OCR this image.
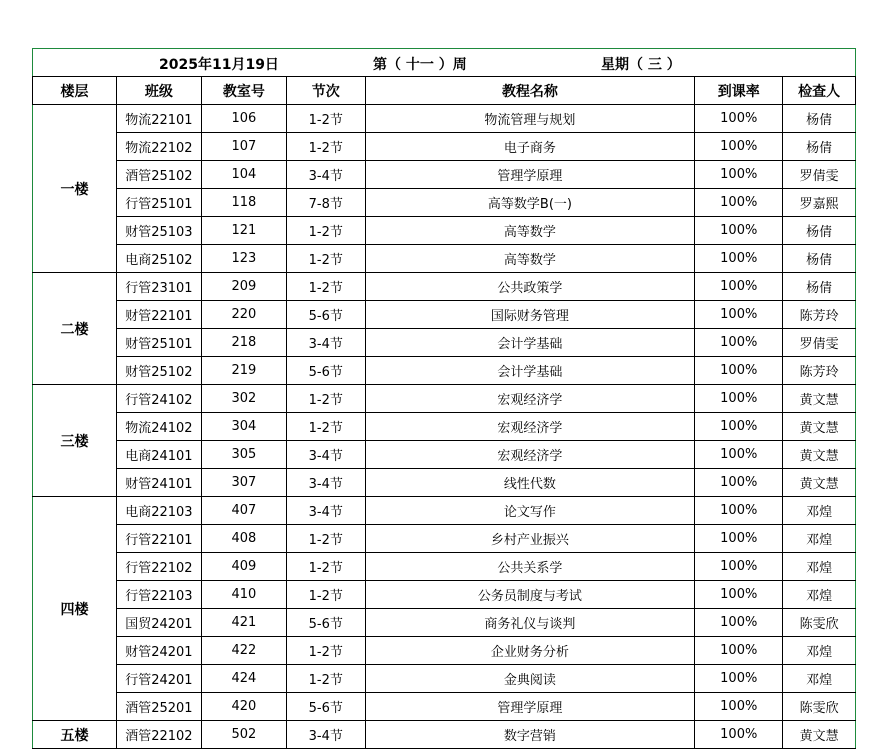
2025年11月19日 第（ 十一 ）周 星期（ 三 ）						

楼层	班级	教室号	节次	教程名称	到课率	检查人
一楼	物流22101	106	1-2节	物流管理与规划	100%	杨倩
	物流22102	107	1-2节	电子商务	100%	杨倩
	酒管25102	104	3-4节	管理学原理	100%	罗倩雯
	行管25101	118	7-8节	高等数学B(一)	100%	罗嘉熙
	财管25103	121	1-2节	高等数学	100%	杨倩
	电商25102	123	1-2节	高等数学	100%	杨倩
二楼	行管23101	209	1-2节	公共政策学	100%	杨倩
	财管22101	220	5-6节	国际财务管理	100%	陈芳玲
	财管25101	218	3-4节	会计学基础	100%	罗倩雯
	财管25102	219	5-6节	会计学基础	100%	陈芳玲
三楼	行管24102	302	1-2节	宏观经济学	100%	黄文慧
	物流24102	304	1-2节	宏观经济学	100%	黄文慧
	电商24101	305	3-4节	宏观经济学	100%	黄文慧
	财管24101	307	3-4节	线性代数	100%	黄文慧
四楼	电商22103	407	3-4节	论文写作	100%	邓煌
	行管22101	408	1-2节	乡村产业振兴	100%	邓煌
	行管22102	409	1-2节	公共关系学	100%	邓煌
	行管22103	410	1-2节	公务员制度与考试	100%	邓煌
	国贸24201	421	5-6节	商务礼仪与谈判	100%	陈雯欣
	财管24201	422	1-2节	企业财务分析	100%	邓煌
	行管24201	424	1-2节	金典阅读	100%	邓煌
	酒管25201	420	5-6节	管理学原理	100%	陈雯欣
五楼	酒管22102	502	3-4节	数字营销	100%	黄文慧
